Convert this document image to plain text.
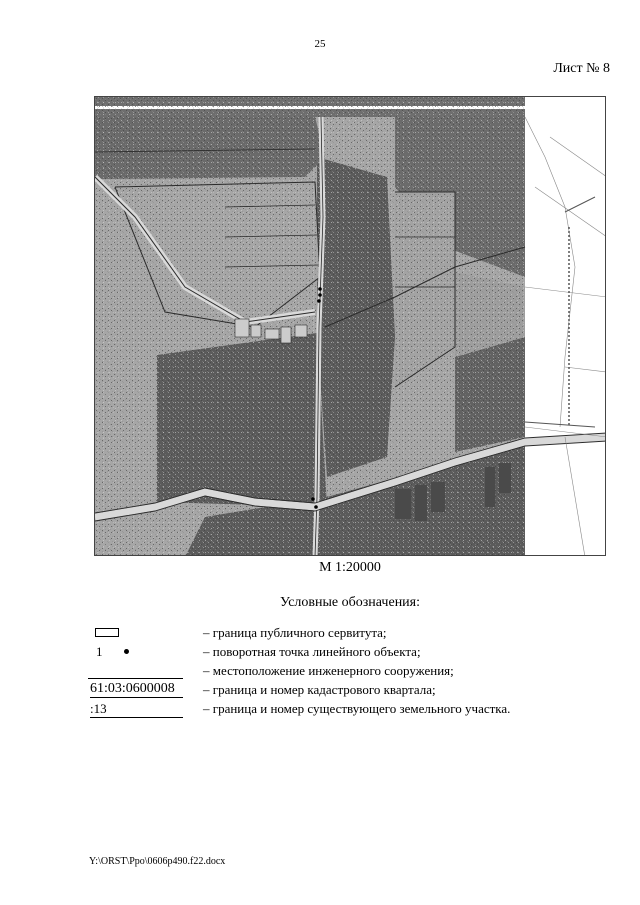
25
Лист № 8
М 1:20000
Условные обозначения:
– граница публичного сервитута;
1	– поворотная точка линейного объекта;
– местоположение инженерного сооружения;
61:03:0600008	– граница и номер кадастрового квартала;
:13	– граница и номер существующего земельного участка.
Y:\ORST\Ppo\0606p490.f22.docx
